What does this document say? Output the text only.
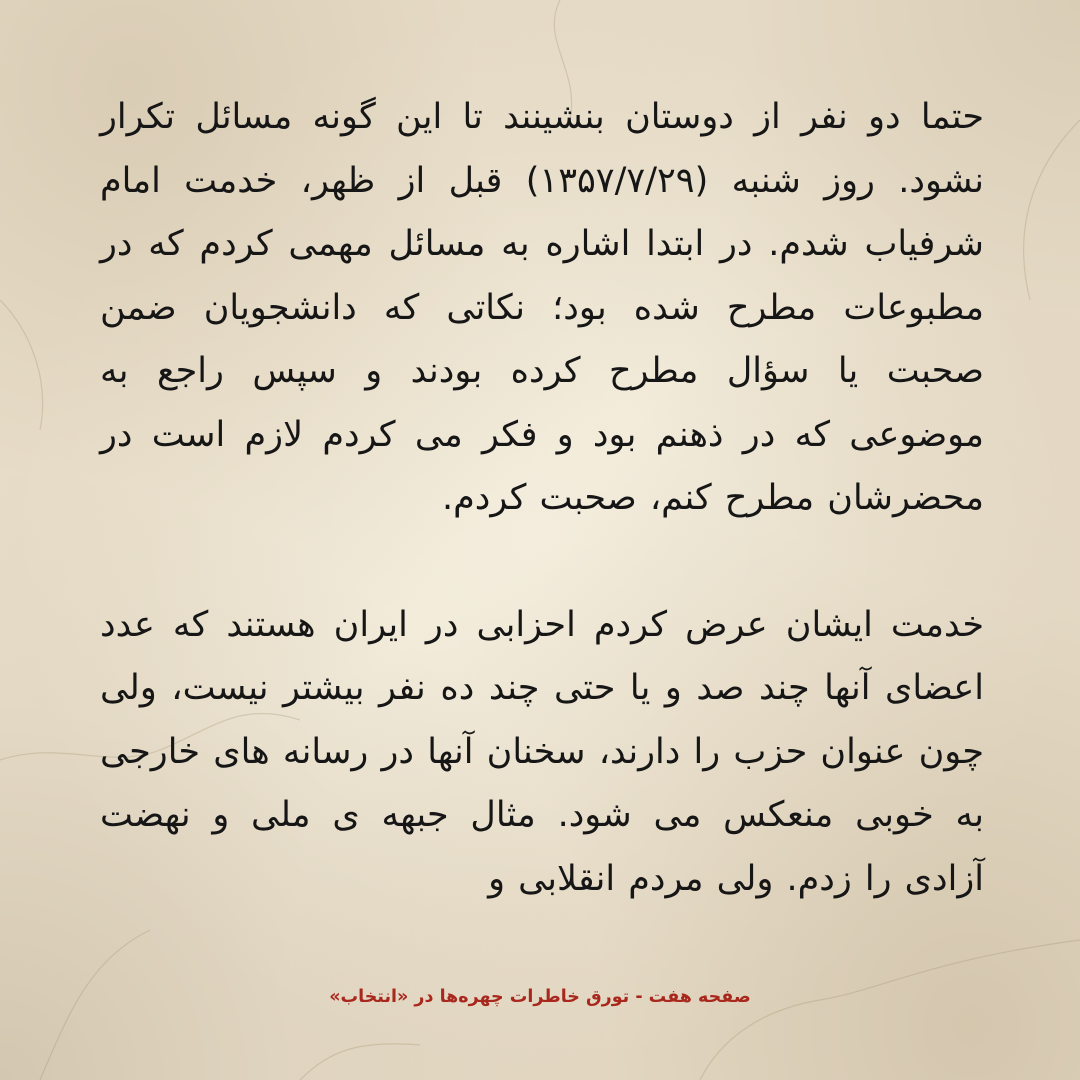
حتما دو نفر از دوستان بنشینند تا این گونه مسائل تکرار نشود. روز شنبه (۱۳۵۷/۷/۲۹) قبل از ظهر، خدمت امام شرفیاب شدم. در ابتدا اشاره به مسائل مهمی کردم که در مطبوعات مطرح شده بود؛ نکاتی که دانشجویان ضمن صحبت یا سؤال مطرح کرده بودند و سپس راجع به موضوعی که در ذهنم بود و فکر می کردم لازم است در محضرشان مطرح کنم، صحبت کردم.

خدمت ایشان عرض کردم احزابی در ایران هستند که عدد اعضای آنها چند صد و یا حتی چند ده نفر بیشتر نیست، ولی چون عنوان حزب را دارند، سخنان آنها در رسانه های خارجی به خوبی منعکس می شود. مثال جبهه ی ملی و نهضت آزادی را زدم. ولی مردم انقلابی و

صفحه هفت - تورق خاطرات چهره‌ها در «انتخاب»
